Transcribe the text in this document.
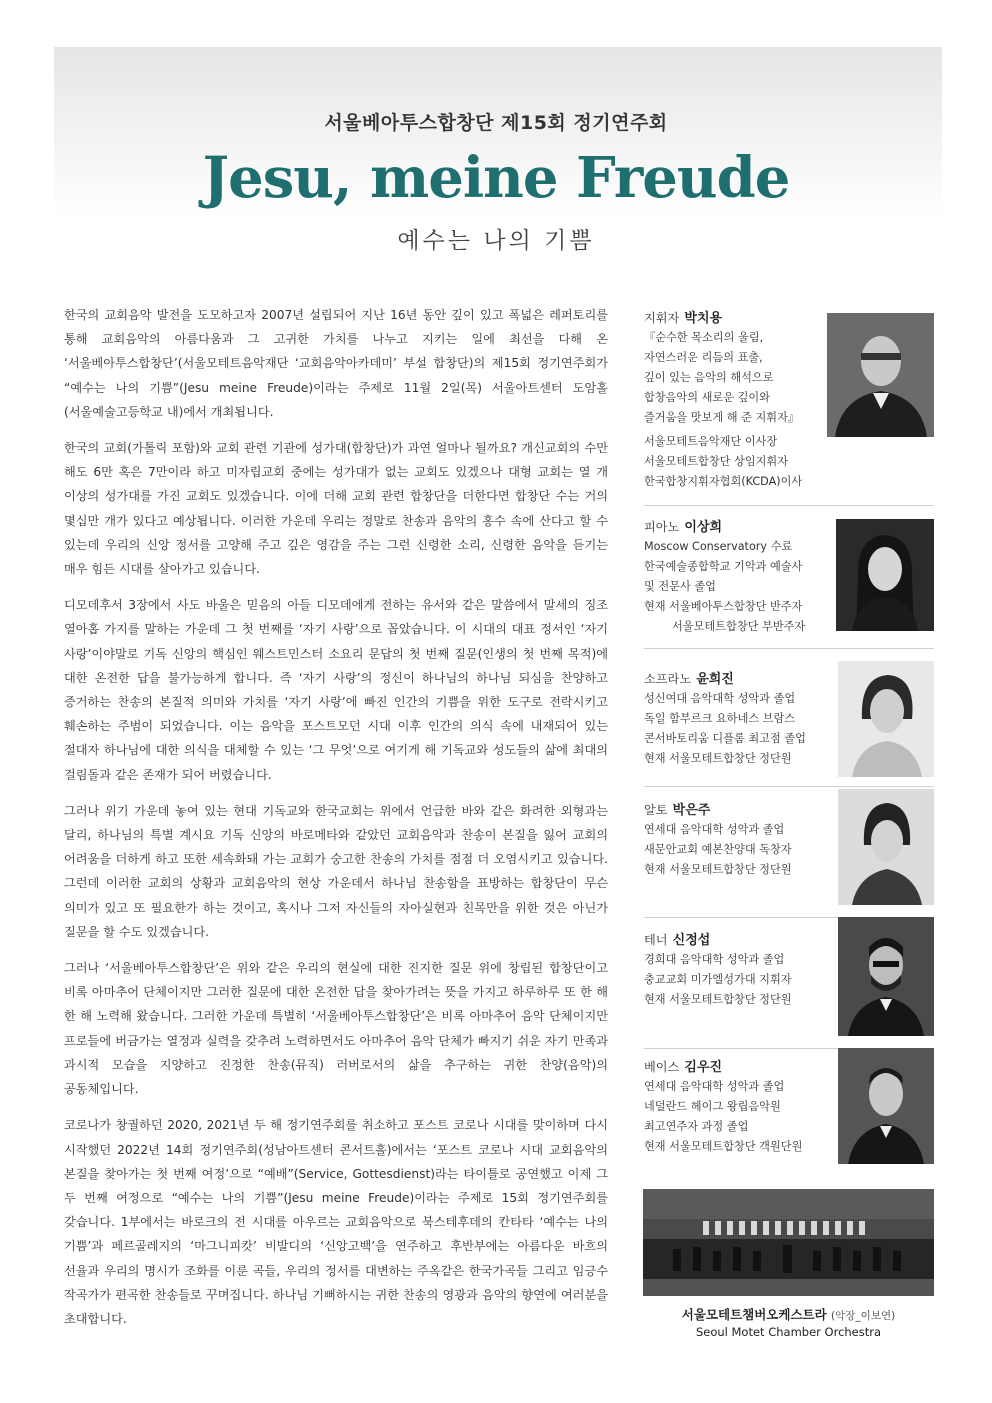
서울베아투스합창단 제15회 정기연주회
Jesu, meine Freude
예수는 나의 기쁨

한국의 교회음악 발전을 도모하고자 2007년 설립되어 지난 16년 동안 깊이 있고 폭넓은 레퍼토리를 통해 교회음악의 아름다움과 그 고귀한 가치를 나누고 지키는 일에 최선을 다해 온 ‘서울베아투스합창단’(서울모테트음악재단 ‘교회음악아카데미’ 부설 합창단)의 제15회 정기연주회가 “예수는 나의 기쁨”(Jesu meine Freude)이라는 주제로 11월 2일(목) 서울아트센터 도암홀(서울예술고등학교 내)에서 개최됩니다.

한국의 교회(가톨릭 포함)와 교회 관련 기관에 성가대(합창단)가 과연 얼마나 될까요? 개신교회의 수만 해도 6만 혹은 7만이라 하고 미자립교회 중에는 성가대가 없는 교회도 있겠으나 대형 교회는 열 개 이상의 성가대를 가진 교회도 있겠습니다. 이에 더해 교회 관련 합창단을 더한다면 합창단 수는 거의 몇십만 개가 있다고 예상됩니다. 이러한 가운데 우리는 정말로 찬송과 음악의 홍수 속에 산다고 할 수 있는데 우리의 신앙 정서를 고양해 주고 깊은 영감을 주는 그런 신령한 소리, 신령한 음악을 듣기는 매우 힘든 시대를 살아가고 있습니다.

디모데후서 3장에서 사도 바울은 믿음의 아들 디모데에게 전하는 유서와 같은 말씀에서 말세의 징조 열아홉 가지를 말하는 가운데 그 첫 번째를 ‘자기 사랑’으로 꼽았습니다. 이 시대의 대표 정서인 ‘자기 사랑’이야말로 기독 신앙의 핵심인 웨스트민스터 소요리 문답의 첫 번째 질문(인생의 첫 번째 목적)에 대한 온전한 답을 불가능하게 합니다. 즉 ‘자기 사랑’의 정신이 하나님의 하나님 되심을 찬양하고 증거하는 찬송의 본질적 의미와 가치를 ‘자기 사랑’에 빠진 인간의 기쁨을 위한 도구로 전락시키고 훼손하는 주범이 되었습니다. 이는 음악을 포스트모던 시대 이후 인간의 의식 속에 내재되어 있는 절대자 하나님에 대한 의식을 대체할 수 있는 ‘그 무엇’으로 여기게 해 기독교와 성도들의 삶에 최대의 걸림돌과 같은 존재가 되어 버렸습니다.

그러나 위기 가운데 놓여 있는 현대 기독교와 한국교회는 위에서 언급한 바와 같은 화려한 외형과는 달리, 하나님의 특별 계시요 기독 신앙의 바로메타와 같았던 교회음악과 찬송이 본질을 잃어 교회의 어려움을 더하게 하고 또한 세속화돼 가는 교회가 숭고한 찬송의 가치를 점점 더 오염시키고 있습니다. 그런데 이러한 교회의 상황과 교회음악의 현상 가운데서 하나님 찬송함을 표방하는 합창단이 무슨 의미가 있고 또 필요한가 하는 것이고, 혹시나 그저 자신들의 자아실현과 친목만을 위한 것은 아닌가 질문을 할 수도 있겠습니다.

그러나 ‘서울베아투스합창단’은 위와 같은 우리의 현실에 대한 진지한 질문 위에 창립된 합창단이고 비록 아마추어 단체이지만 그러한 질문에 대한 온전한 답을 찾아가려는 뜻을 가지고 하루하루 또 한 해 한 해 노력해 왔습니다. 그러한 가운데 특별히 ‘서울베아투스합창단’은 비록 아마추어 음악 단체이지만 프로들에 버금가는 열정과 실력을 갖추려 노력하면서도 아마추어 음악 단체가 빠지기 쉬운 자기 만족과 과시적 모습을 지양하고 진정한 찬송(뮤직) 러버로서의 삶을 추구하는 귀한 찬양(음악)의 공동체입니다.

코로나가 창궐하던 2020, 2021년 두 해 정기연주회를 취소하고 포스트 코로나 시대를 맞이하며 다시 시작했던 2022년 14회 정기연주회(성남아트센터 콘서트홀)에서는 ‘포스트 코로나 시대 교회음악의 본질을 찾아가는 첫 번째 여정’으로 “예배”(Service, Gottesdienst)라는 타이틀로 공연했고 이제 그 두 번째 여정으로 “예수는 나의 기쁨”(Jesu meine Freude)이라는 주제로 15회 정기연주회를 갖습니다. 1부에서는 바로크의 전 시대를 아우르는 교회음악으로 북스테후데의 칸타타 ‘예수는 나의 기쁨’과 페르골레지의 ‘마그니피캇’ 비발디의 ‘신앙고백’을 연주하고 후반부에는 아름다운 바흐의 선율과 우리의 명시가 조화를 이룬 곡들, 우리의 정서를 대변하는 주옥같은 한국가곡들 그리고 임긍수 작곡가가 편곡한 찬송들로 꾸며집니다. 하나님 기뻐하시는 귀한 찬송의 영광과 음악의 향연에 여러분을 초대합니다.

지휘자 박치용
『순수한 목소리의 울림,
자연스러운 리듬의 표출,
깊이 있는 음악의 해석으로
합창음악의 새로운 깊이와
즐거움을 맛보게 해 준 지휘자』
서울모테트음악재단 이사장
서울모테트합창단 상임지휘자
한국합창지휘자협회(KCDA)이사
피아노 이상희
Moscow Conservatory 수료
한국예술종합학교 기악과 예술사
및 전문사 졸업
현재 서울베아투스합창단 반주자
서울모테트합창단 부반주자
소프라노 윤희진
성신여대 음악대학 성악과 졸업
독일 함부르크 요하네스 브람스
콘서바토리움 디플롬 최고점 졸업
현재 서울모테트합창단 정단원
알토 박은주
연세대 음악대학 성악과 졸업
새문안교회 예본찬양대 독창자
현재 서울모테트합창단 정단원
테너 신정섭
경희대 음악대학 성악과 졸업
충교교회 미가엘성가대 지휘자
현재 서울모테트합창단 정단원
베이스 김우진
연세대 음악대학 성악과 졸업
네덜란드 헤이그 왕립음악원
최고연주자 과정 졸업
현재 서울모테트합창단 객원단원
서울모테트챔버오케스트라 (악장_이보연)
Seoul Motet Chamber Orchestra
